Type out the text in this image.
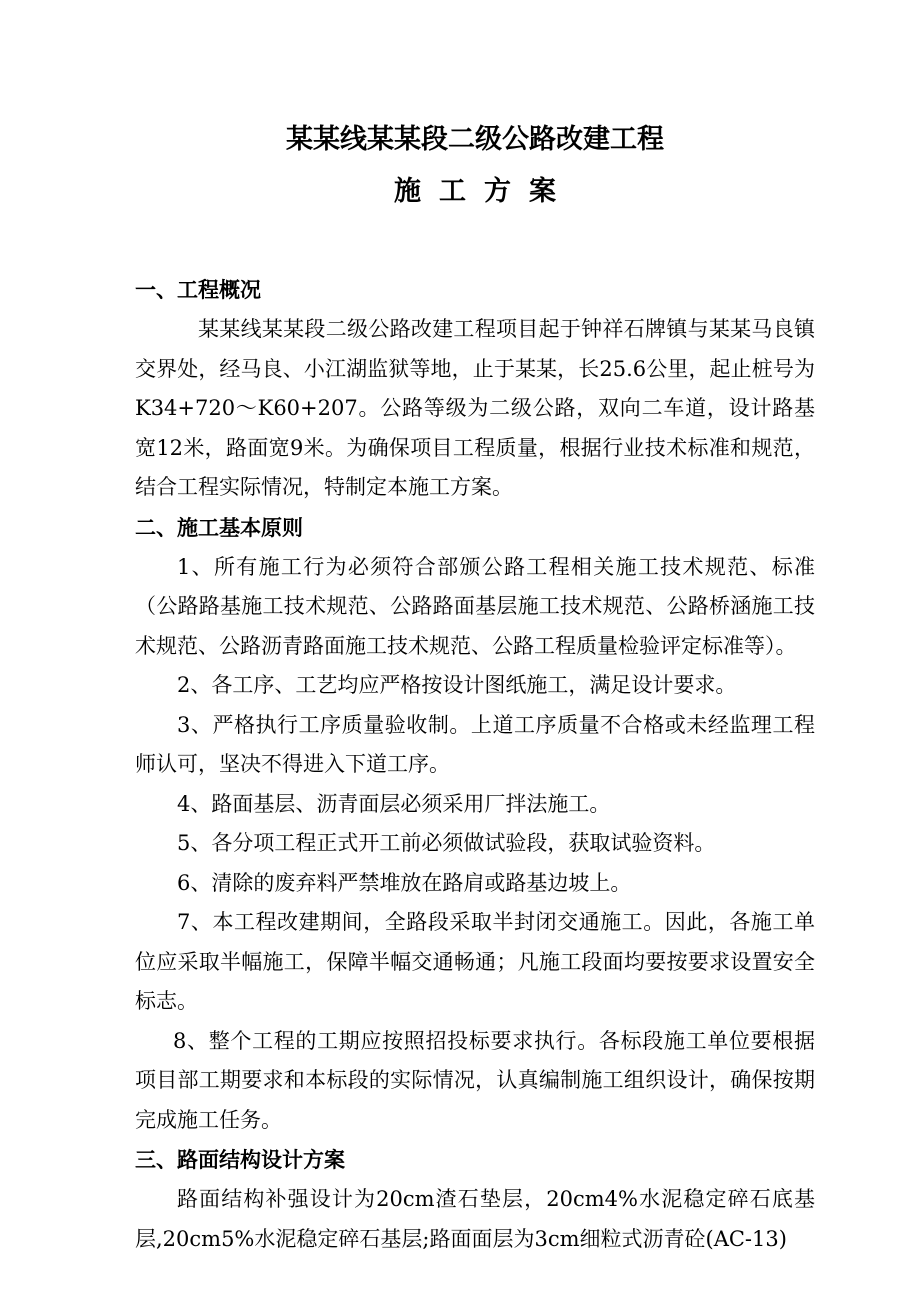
某某线某某段二级公路改建工程
施工方案
一、工程概况

某某线某某段二级公路改建工程项目起于钟祥石牌镇与某某马良镇交界处，经马良、小江湖监狱等地，止于某某，长25.6公里，起止桩号为K34+720～K60+207。公路等级为二级公路，双向二车道，设计路基宽12米，路面宽9米。为确保项目工程质量，根据行业技术标准和规范，结合工程实际情况，特制定本施工方案。

二、施工基本原则

1、所有施工行为必须符合部颁公路工程相关施工技术规范、标准（公路路基施工技术规范、公路路面基层施工技术规范、公路桥涵施工技术规范、公路沥青路面施工技术规范、公路工程质量检验评定标准等）。

2、各工序、工艺均应严格按设计图纸施工，满足设计要求。

3、严格执行工序质量验收制。上道工序质量不合格或未经监理工程师认可，坚决不得进入下道工序。

4、路面基层、沥青面层必须采用厂拌法施工。

5、各分项工程正式开工前必须做试验段，获取试验资料。

6、清除的废弃料严禁堆放在路肩或路基边坡上。

7、本工程改建期间，全路段采取半封闭交通施工。因此，各施工单位应采取半幅施工，保障半幅交通畅通；凡施工段面均要按要求设置安全标志。

8、整个工程的工期应按照招投标要求执行。各标段施工单位要根据项目部工期要求和本标段的实际情况，认真编制施工组织设计，确保按期完成施工任务。

三、路面结构设计方案

路面结构补强设计为20cm渣石垫层，20cm4%水泥稳定碎石底基层,20cm5%水泥稳定碎石基层;路面面层为3cm细粒式沥青砼(AC-13)
